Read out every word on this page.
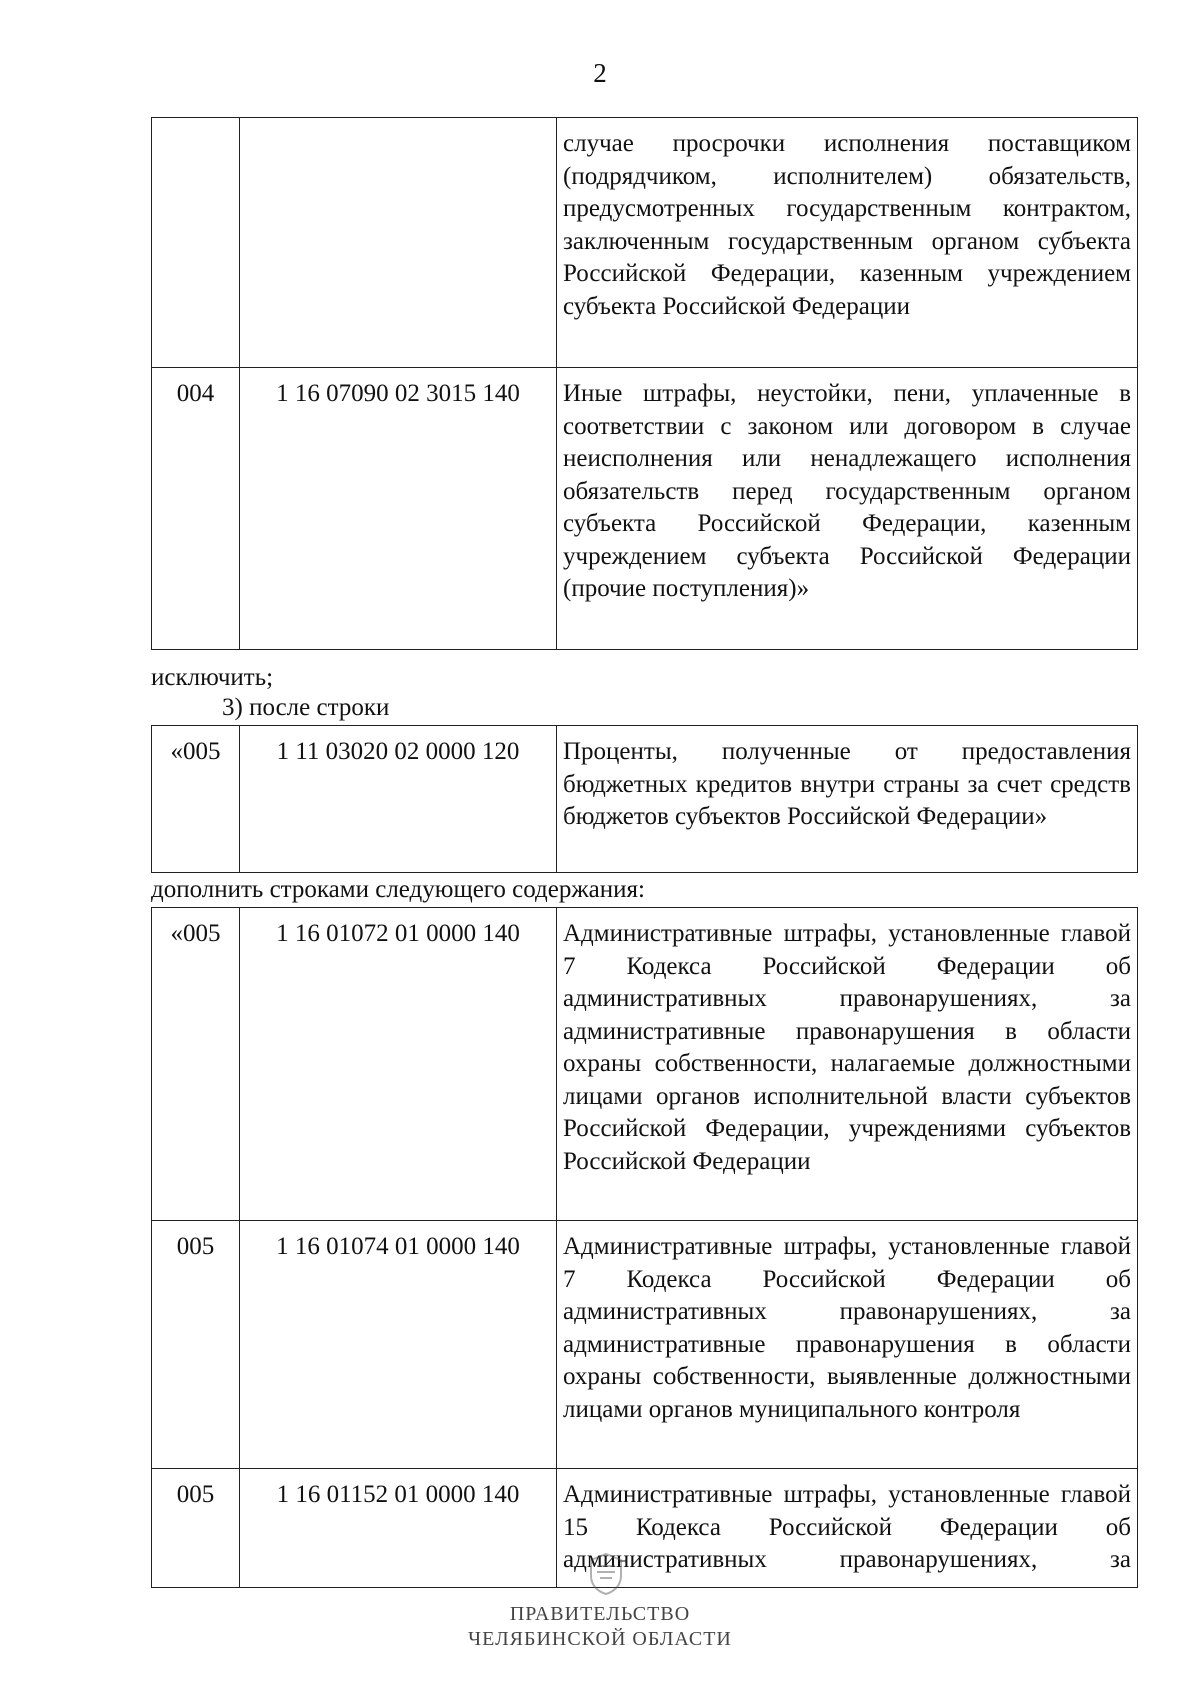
2
		случае просрочки исполнения поставщиком (подрядчиком, исполнителем) обязательств, предусмотренных государственным контрактом, заключенным государственным органом субъекта Российской Федерации, казенным учреждением субъекта Российской Федерации
004	1 16 07090 02 3015 140	Иные штрафы, неустойки, пени, уплаченные в соответствии с законом или договором в случае неисполнения или ненадлежащего исполнения обязательств перед государственным органом субъекта Российской Федерации, казенным учреждением субъекта Российской Федерации (прочие поступления)»
исключить;
3) после строки
«005	1 11 03020 02 0000 120	Проценты, полученные от предоставления бюджетных кредитов внутри страны за счет средств бюджетов субъектов Российской Федерации»
дополнить строками следующего содержания:
«005	1 16 01072 01 0000 140	Административные штрафы, установленные главой 7 Кодекса Российской Федерации об административных правонарушениях, за административные правонарушения в области охраны собственности, налагаемые должностными лицами органов исполнительной власти субъектов Российской Федерации, учреждениями субъектов Российской Федерации
005	1 16 01074 01 0000 140	Административные штрафы, установленные главой 7 Кодекса Российской Федерации об административных правонарушениях, за административные правонарушения в области охраны собственности, выявленные должностными лицами органов муниципального контроля
005	1 16 01152 01 0000 140	Административные штрафы, установленные главой 15 Кодекса Российской Федерации об административных правонарушениях, за
ПРАВИТЕЛЬСТВО
ЧЕЛЯБИНСКОЙ ОБЛАСТИ
